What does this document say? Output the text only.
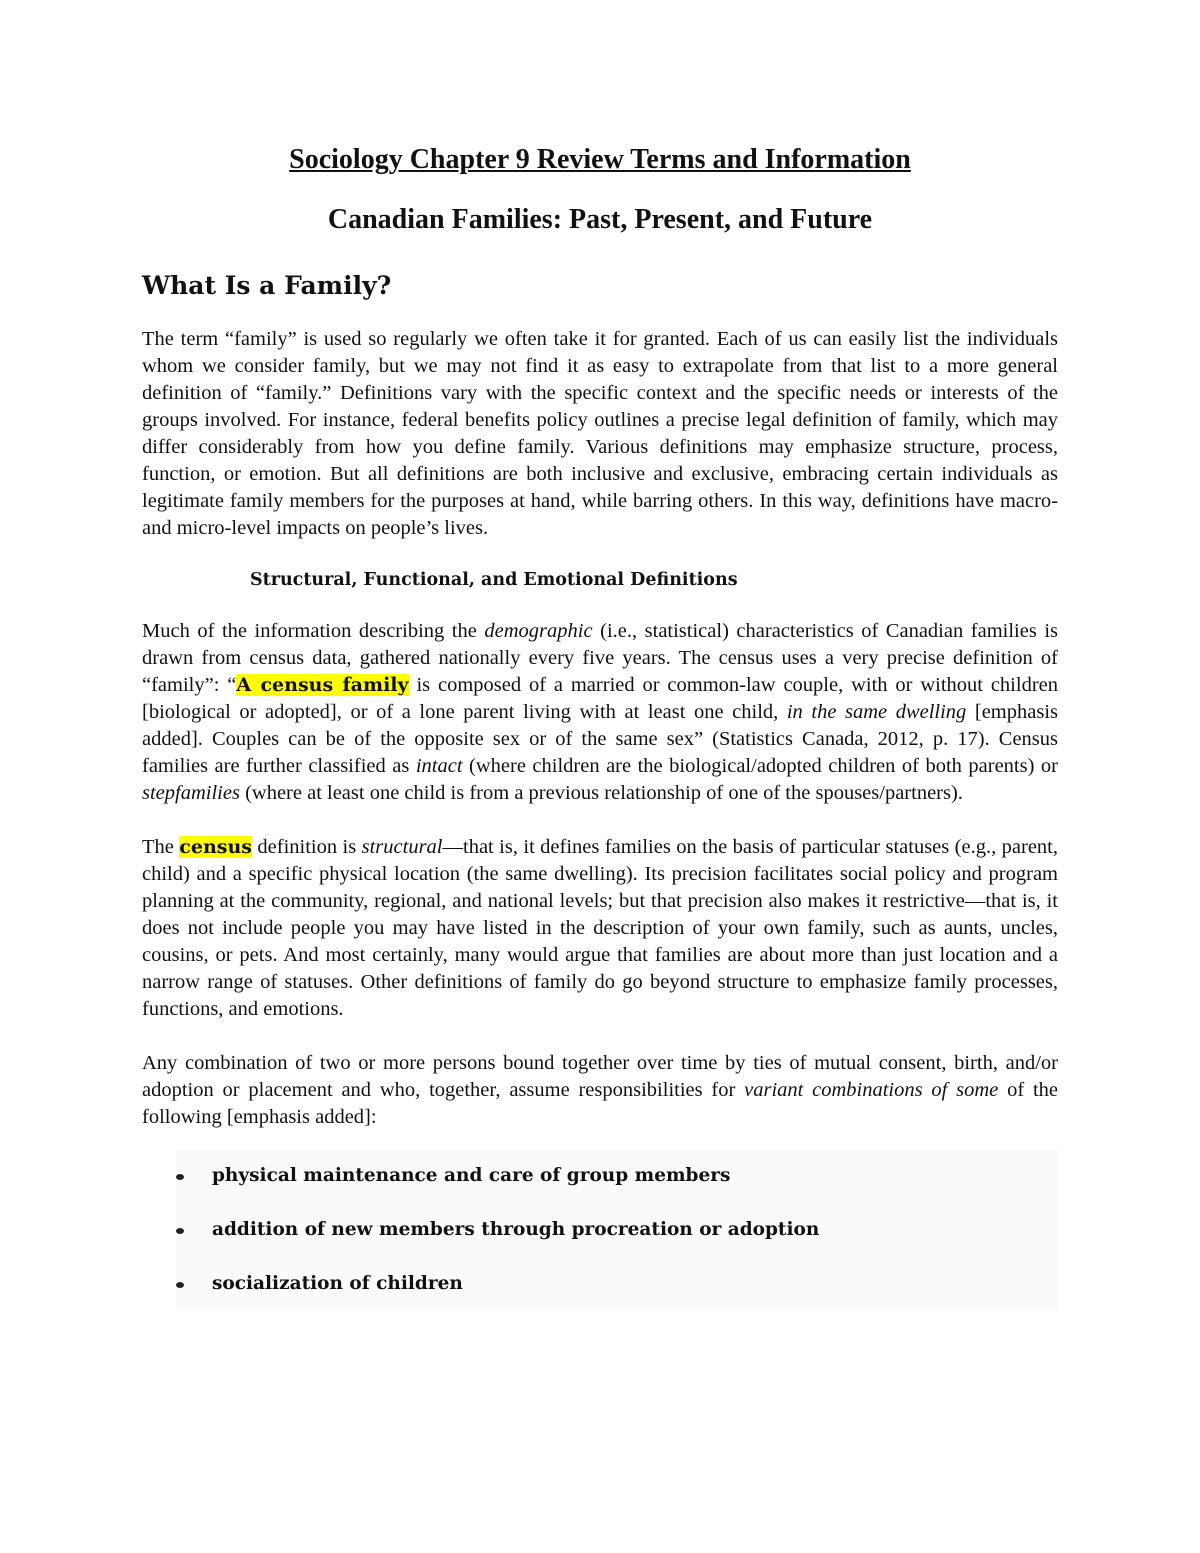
Sociology Chapter 9 Review Terms and Information
Canadian Families: Past, Present, and Future
What Is a Family?

The term “family” is used so regularly we often take it for granted. Each of us can easily list the individuals whom we consider family, but we may not find it as easy to extrapolate from that list to a more general definition of “family.” Definitions vary with the specific context and the specific needs or interests of the groups involved. For instance, federal benefits policy outlines a precise legal definition of family, which may differ considerably from how you define family. Various definitions may emphasize structure, process, function, or emotion. But all definitions are both inclusive and exclusive, embracing certain individuals as legitimate family members for the purposes at hand, while barring others. In this way, definitions have macro- and micro-level impacts on people’s lives.

Structural, Functional, and Emotional Definitions

Much of the information describing the demographic (i.e., statistical) characteristics of Canadian families is drawn from census data, gathered nationally every five years. The census uses a very precise definition of “family”: “A census family is composed of a married or common-law couple, with or without children [biological or adopted], or of a lone parent living with at least one child, in the same dwelling [emphasis added]. Couples can be of the opposite sex or of the same sex” (Statistics Canada, 2012, p. 17). Census families are further classified as intact (where children are the biological/adopted children of both parents) or stepfamilies (where at least one child is from a previous relationship of one of the spouses/partners).

The census definition is structural—that is, it defines families on the basis of particular statuses (e.g., parent, child) and a specific physical location (the same dwelling). Its precision facilitates social policy and program planning at the community, regional, and national levels; but that precision also makes it restrictive—that is, it does not include people you may have listed in the description of your own family, such as aunts, uncles, cousins, or pets. And most certainly, many would argue that families are about more than just location and a narrow range of statuses. Other definitions of family do go beyond structure to emphasize family processes, functions, and emotions.

Any combination of two or more persons bound together over time by ties of mutual consent, birth, and/or adoption or placement and who, together, assume responsibilities for variant combinations of some of the following [emphasis added]:

physical maintenance and care of group members
addition of new members through procreation or adoption
socialization of children
